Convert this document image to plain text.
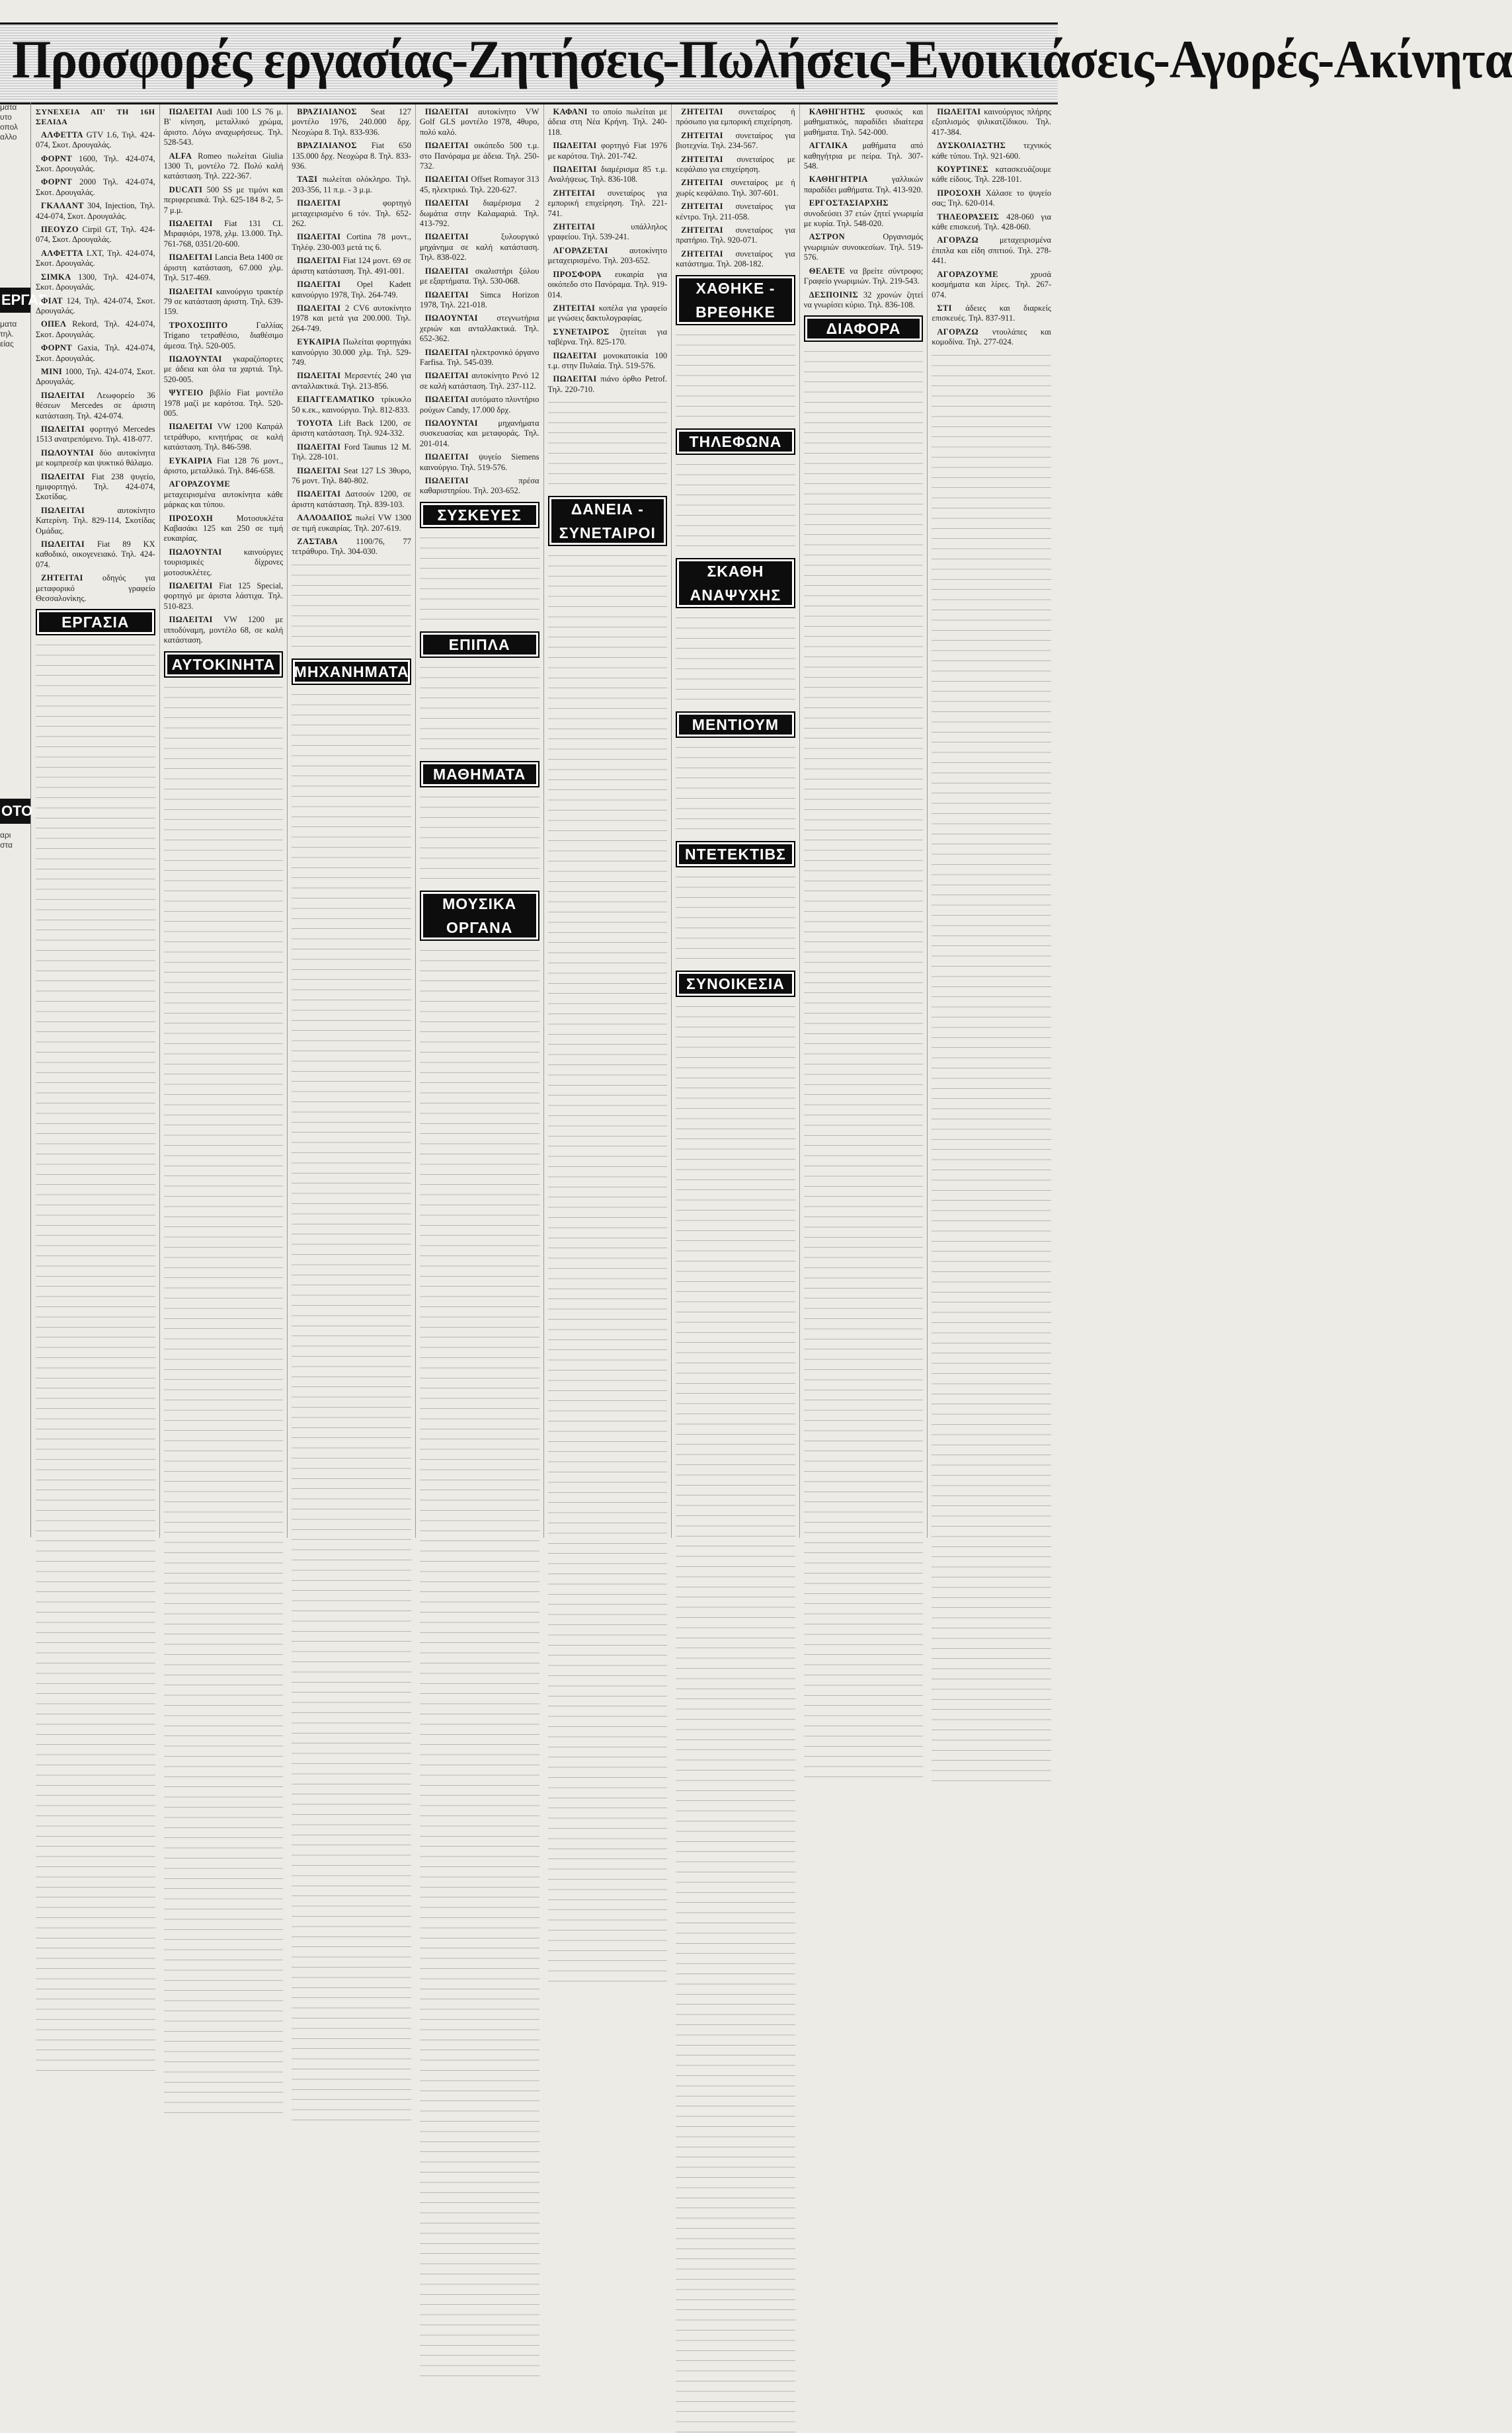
Προσφορές εργασίας-Ζητήσεις-Πωλήσεις-Ενοικιάσεις-Αγορές-Ακίνητα
ματα
υτο
οπολ
αλλο
ΕΡΓΑΣ
ματα
τηλ.
είας
ΟΤΟ
αρι
στα
ΣΥΝΕΧΕΙΑ ΑΠ' ΤΗ 16Η ΣΕΛΙΔΑ

ΑΛΦΕΤΤΑ GTV 1.6, Τηλ. 424-074, Σκοτ. Δρουγαλάς.

ΦΟΡΝΤ 1600, Τηλ. 424-074, Σκοτ. Δρουγαλάς.

ΦΟΡΝΤ 2000 Τηλ. 424-074, Σκοτ. Δρουγαλάς.

ΓΚΑΛΑΝΤ 304, Injection, Τηλ. 424-074, Σκοτ. Δρουγαλάς.

ΠΕΟΥΖΟ Cirpil GT, Τηλ. 424-074, Σκοτ. Δρουγαλάς.

ΑΛΦΕΤΤΑ LXT, Τηλ. 424-074, Σκοτ. Δρουγαλάς.

ΣΙΜΚΑ 1300, Τηλ. 424-074, Σκοτ. Δρουγαλάς.

ΦΙΑΤ 124, Τηλ. 424-074, Σκοτ. Δρουγαλάς.

ΟΠΕΛ Rekord, Τηλ. 424-074, Σκοτ. Δρουγαλάς.

ΦΟΡΝΤ Gaxia, Τηλ. 424-074, Σκοτ. Δρουγαλάς.

ΜΙΝΙ 1000, Τηλ. 424-074, Σκοτ. Δρουγαλάς.

ΠΩΛΕΙΤΑΙ Λεωφορείο 36 θέσεων Mercedes σε άριστη κατάσταση. Τηλ. 424-074.

ΠΩΛΕΙΤΑΙ φορτηγό Mercedes 1513 ανατρεπόμενο. Τηλ. 418-077.

ΠΩΛΟΥΝΤΑΙ δύο αυτοκίνητα με κομπρεσέρ και ψυκτικό θάλαμο.

ΠΩΛΕΙΤΑΙ Fiat 238 ψυγείο, ημιφορτηγό. Τηλ. 424-074, Σκοτίδας.

ΠΩΛΕΙΤΑΙ	αυτοκίνητο Κατερίνη. Τηλ. 829-114, Σκοτίδας Ομάδας.

ΠΩΛΕΙΤΑΙ Fiat 89 KX καθοδικό, οικογενειακό. Τηλ. 424-074.

ΖΗΤΕΙΤΑΙ οδηγός για μεταφορικό γραφείο Θεσσαλονίκης.

ΕΡΓΑΣΙΑ

ΠΩΛΕΙΤΑΙ Audi 100 LS 76 μ. Β' κίνηση, μεταλλικό χρώμα, άριστο. Λόγω αναχωρήσεως. Τηλ. 528-543.

ALFA Romeo πωλείται Giulia 1300 Τι, μοντέλο 72. Πολύ καλή κατάσταση. Τηλ. 222-367.

DUCATI 500 SS με τιμόνι και περιφερειακά. Τηλ. 625-184 8-2, 5-7 μ.μ.

ΠΩΛΕΙΤΑΙ Fiat 131 CL Μιραφιόρι, 1978, χλμ. 13.000. Τηλ. 761-768, 0351/20-600.

ΠΩΛΕΙΤΑΙ Lancia Beta 1400 σε άριστη κατάσταση, 67.000 χλμ. Τηλ. 517-469.

ΠΩΛΕΙΤΑΙ καινούργιο τρακτέρ 79 σε κατάσταση άριστη. Τηλ. 639-159.

ΤΡΟΧΟΣΠΙΤΟ	Γαλλίας Trigano τετραθέσιο, διαθέσιμο άμεσα. Τηλ. 520-005.

ΠΩΛΟΥΝΤΑΙ γκαραζόπορτες με άδεια και όλα τα χαρτιά. Τηλ. 520-005.

ΨΥΓΕΙΟ βιβλίο Fiat μοντέλο 1978 μαζί με καρότσα. Τηλ. 520-005.

ΠΩΛΕΙΤΑΙ VW 1200 Καπράλ τετράθυρο, κινητήρας σε καλή κατάσταση. Τηλ. 846-598.

ΕΥΚΑΙΡΙΑ Fiat 128 76 μοντ., άριστο, μεταλλικό. Τηλ. 846-658.

ΑΓΟΡΑΖΟΥΜΕ μεταχειρισμένα αυτοκίνητα κάθε μάρκας και τύπου.

ΠΡΟΣΟΧΗ	Μοτοσυκλέτα Καβασάκι 125 και 250 σε τιμή ευκαιρίας.

ΠΩΛΟΥΝΤΑΙ	καινούργιες τουρισμικές δίχρονες μοτοσυκλέτες.

ΠΩΛΕΙΤΑΙ Fiat 125 Special, φορτηγό με άριστα λάστιχα. Τηλ. 510-823.

ΠΩΛΕΙΤΑΙ VW 1200 με ιπποδύναμη, μοντέλο 68, σε καλή κατάσταση.

ΑΥΤΟΚΙΝΗΤΑ

ΒΡΑΖΙΛΙΑΝΟΣ Seat 127 μοντέλο 1976, 240.000 δρχ. Νεοχώρα 8. Τηλ. 833-936.

ΒΡΑΖΙΛΙΑΝΟΣ Fiat 650 135.000 δρχ. Νεοχώρα 8. Τηλ. 833-936.

ΤΑΞΙ πωλείται ολόκληρο. Τηλ. 203-356, 11 π.μ. - 3 μ.μ.

ΠΩΛΕΙΤΑΙ	φορτηγό μεταχειρισμένο 6 τόν. Τηλ. 652-262.

ΠΩΛΕΙΤΑΙ Cortina 78 μοντ., Τηλέφ. 230-003 μετά τις 6.

ΠΩΛΕΙΤΑΙ Fiat 124 μοντ. 69 σε άριστη κατάσταση. Τηλ. 491-001.

ΠΩΛΕΙΤΑΙ Opel Kadett καινούργιο 1978, Τηλ. 264-749.

ΠΩΛΕΙΤΑΙ 2 CV6 αυτοκίνητο 1978 και μετά για 200.000. Τηλ. 264-749.

ΕΥΚΑΙΡΙΑ Πωλείται φορτηγάκι καινούργιο 30.000 χλμ. Τηλ. 529-749.

ΠΩΛΕΙΤΑΙ Μερσεντές 240 για ανταλλακτικά. Τηλ. 213-856.

ΕΠΑΓΓΕΛΜΑΤΙΚΟ τρίκυκλο 50 κ.εκ., καινούργιο. Τηλ. 812-833.

ΤΟΥΟΤΑ Lift Back 1200, σε άριστη κατάσταση. Τηλ. 924-332.

ΠΩΛΕΙΤΑΙ Ford Taunus 12 Μ. Τηλ. 228-101.

ΠΩΛΕΙΤΑΙ Seat 127 LS 3θυρο, 76 μοντ. Τηλ. 840-802.

ΠΩΛΕΙΤΑΙ Δατσούν 1200, σε άριστη κατάσταση. Τηλ. 839-103.

ΑΛΛΟΔΑΠΟΣ πωλεί VW 1300 σε τιμή ευκαιρίας. Τηλ. 207-619.

ΖΑΣΤΑΒΑ 1100/76, 77 τετράθυρο. Τηλ. 304-030.

ΜΗΧΑΝΗΜΑΤΑ

ΠΩΛΕΙΤΑΙ αυτοκίνητο VW Golf GLS μοντέλο 1978, 4θυρο, πολύ καλό.

ΠΩΛΕΙΤΑΙ οικόπεδο 500 τ.μ. στο Πανόραμα με άδεια. Τηλ. 250-732.

ΠΩΛΕΙΤΑΙ Offset Romayor 313 45, ηλεκτρικό. Τηλ. 220-627.

ΠΩΛΕΙΤΑΙ διαμέρισμα 2 δωμάτια στην Καλαμαριά. Τηλ. 413-792.

ΠΩΛΕΙΤΑΙ	ξυλουργικό μηχάνημα σε καλή κατάσταση. Τηλ. 838-022.

ΠΩΛΕΙΤΑΙ σκαλιστήρι ξύλου με εξαρτήματα. Τηλ. 530-068.

ΠΩΛΕΙΤΑΙ Simca Horizon 1978, Τηλ. 221-018.

ΠΩΛΟΥΝΤΑΙ στεγνωτήρια χεριών και ανταλλακτικά. Τηλ. 652-362.

ΠΩΛΕΙΤΑΙ ηλεκτρονικό όργανο Farfisa. Τηλ. 545-039.

ΠΩΛΕΙΤΑΙ αυτοκίνητο Ρενό 12 σε καλή κατάσταση. Τηλ. 237-112.

ΠΩΛΕΙΤΑΙ αυτόματο πλυντήριο ρούχων Candy, 17.000 δρχ.

ΠΩΛΟΥΝΤΑΙ μηχανήματα συσκευασίας και μεταφοράς. Τηλ. 201-014.

ΠΩΛΕΙΤΑΙ ψυγείο Siemens καινούργιο. Τηλ. 519-576.

ΠΩΛΕΙΤΑΙ	πρέσα καθαριστηρίου. Τηλ. 203-652.

ΣΥΣΚΕΥΕΣ
ΕΠΙΠΛΑ
ΜΑΘΗΜΑΤΑ
ΜΟΥΣΙΚΑ ΟΡΓΑΝΑ

ΚΑΦΑΝΙ το οποίο πωλείται με άδεια στη Νέα Κρήνη. Τηλ. 240-118.

ΠΩΛΕΙΤΑΙ φορτηγό Fiat 1976 με καρότσα. Τηλ. 201-742.

ΠΩΛΕΙΤΑΙ διαμέρισμα 85 τ.μ. Αναλήψεως. Τηλ. 836-108.

ΖΗΤΕΙΤΑΙ συνεταίρος για εμπορική επιχείρηση. Τηλ. 221-741.

ΖΗΤΕΙΤΑΙ	υπάλληλος γραφείου. Τηλ. 539-241.

ΑΓΟΡΑΖΕΤΑΙ	αυτοκίνητο μεταχειρισμένο. Τηλ. 203-652.

ΠΡΟΣΦΟΡΑ ευκαιρία για οικόπεδο στο Πανόραμα. Τηλ. 919-014.

ΖΗΤΕΙΤΑΙ κοπέλα για γραφείο με γνώσεις δακτυλογραφίας.

ΣΥΝΕΤΑΙΡΟΣ ζητείται για ταβέρνα. Τηλ. 825-170.

ΠΩΛΕΙΤΑΙ μονοκατοικία 100 τ.μ. στην Πυλαία. Τηλ. 519-576.

ΠΩΛΕΙΤΑΙ πιάνο όρθιο Petrof. Τηλ. 220-710.

ΔΑΝΕΙΑ - ΣΥΝΕΤΑΙΡΟΙ

ΖΗΤΕΙΤΑΙ συνεταίρος ή πρόσωπο για εμπορική επιχείρηση.

ΖΗΤΕΙΤΑΙ συνεταίρος για βιοτεχνία. Τηλ. 234-567.

ΖΗΤΕΙΤΑΙ συνεταίρος με κεφάλαιο για επιχείρηση.

ΖΗΤΕΙΤΑΙ συνεταίρος με ή χωρίς κεφάλαιο. Τηλ. 307-601.

ΖΗΤΕΙΤΑΙ συνεταίρος για κέντρο. Τηλ. 211-058.

ΖΗΤΕΙΤΑΙ συνεταίρος για πρατήριο. Τηλ. 920-071.

ΖΗΤΕΙΤΑΙ συνεταίρος για κατάστημα. Τηλ. 208-182.

ΧΑΘΗΚΕ - ΒΡΕΘΗΚΕ
ΤΗΛΕΦΩΝΑ
ΣΚΑΘΗ ΑΝΑΨΥΧΗΣ
ΜΕΝΤΙΟΥΜ
ΝΤΕΤΕΚΤΙΒΣ
ΣΥΝΟΙΚΕΣΙΑ

ΚΑΘΗΓΗΤΗΣ φυσικός και μαθηματικός, παραδίδει ιδιαίτερα μαθήματα. Τηλ. 542-000.

ΑΓΓΛΙΚΑ μαθήματα από καθηγήτρια με πείρα. Τηλ. 307-548.

ΚΑΘΗΓΗΤΡΙΑ	γαλλικών παραδίδει μαθήματα. Τηλ. 413-920.

ΕΡΓΟΣΤΑΣΙΑΡΧΗΣ συνοδεύσει 37 ετών ζητεί γνωριμία με κυρία. Τηλ. 548-020.

ΑΣΤΡΟΝ	Οργανισμός γνωριμιών συνοικεσίων. Τηλ. 519-576.

ΘΕΛΕΤΕ να βρείτε σύντροφο; Γραφείο γνωριμιών. Τηλ. 219-543.

ΔΕΣΠΟΙΝΙΣ 32 χρονών ζητεί να γνωρίσει κύριο. Τηλ. 836-108.

ΔΙΑΦΟΡΑ

ΠΩΛΕΙΤΑΙ καινούργιος πλήρης εξοπλισμός ψιλικατζίδικου. Τηλ. 417-384.

ΔΥΣΚΟΛΙΑΣΤΗΣ τεχνικός κάθε τύπου. Τηλ. 921-600.

ΚΟΥΡΤΙΝΕΣ κατασκευάζουμε κάθε είδους. Τηλ. 228-101.

ΠΡΟΣΟΧΗ Χάλασε το ψυγείο σας; Τηλ. 620-014.

ΤΗΛΕΟΡΑΣΕΙΣ 428-060 για κάθε επισκευή. Τηλ. 428-060.

ΑΓΟΡΑΖΩ	μεταχειρισμένα έπιπλα και είδη σπιτιού. Τηλ. 278-441.

ΑΓΟΡΑΖΟΥΜΕ	χρυσά κοσμήματα και λίρες. Τηλ. 267-074.

ΣΤΙ άδειες και διαρκείς επισκευές. Τηλ. 837-911.

ΑΓΟΡΑΖΩ ντουλάπες και κομοδίνα. Τηλ. 277-024.
